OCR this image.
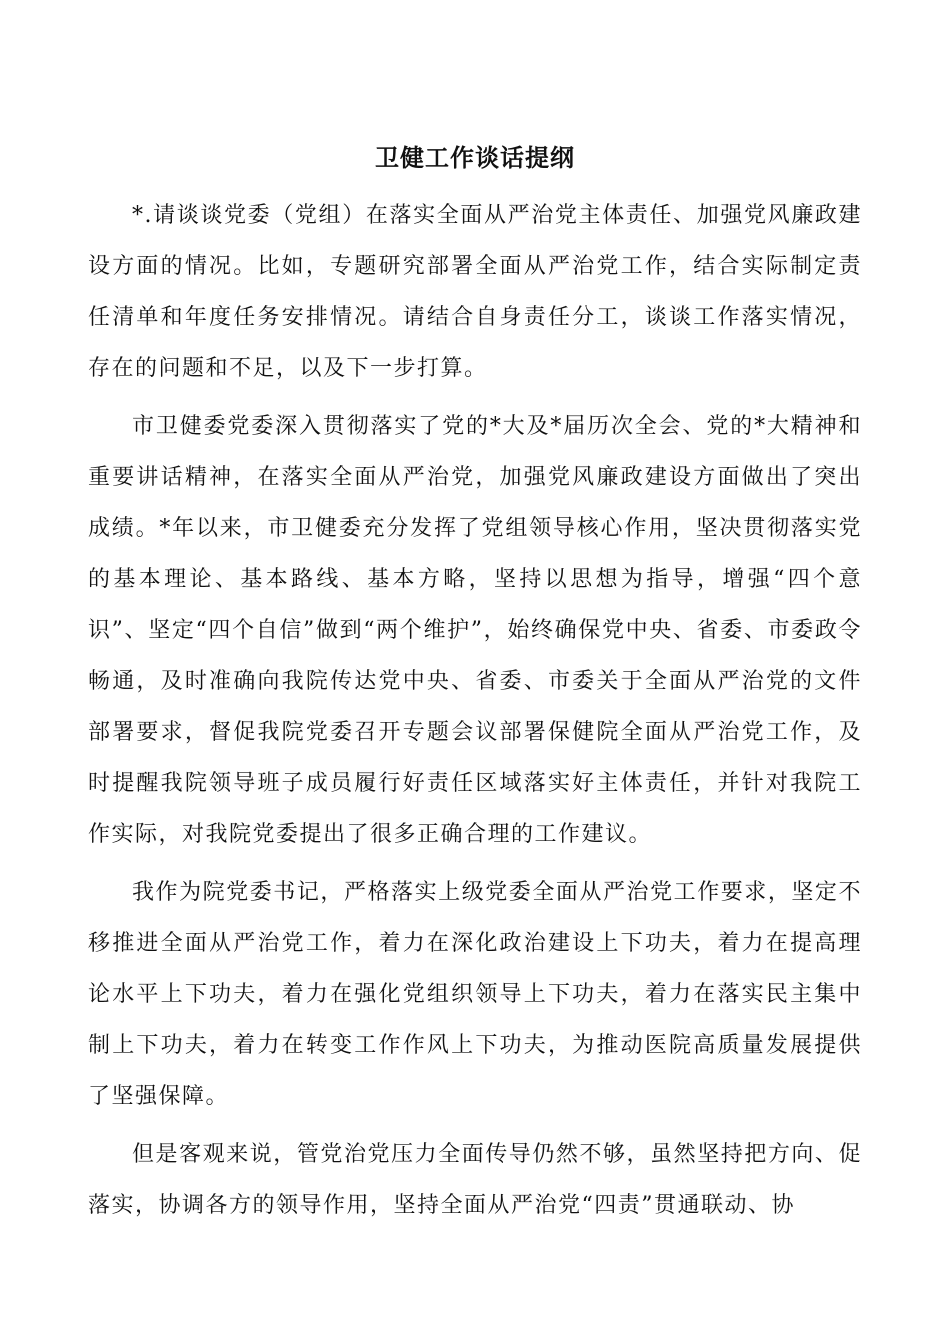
卫健工作谈话提纲

*.请谈谈党委（党组）在落实全面从严治党主体责任、加强党风廉政建设方面的情况。比如，专题研究部署全面从严治党工作，结合实际制定责任清单和年度任务安排情况。请结合自身责任分工，谈谈工作落实情况，存在的问题和不足，以及下一步打算。

市卫健委党委深入贯彻落实了党的*大及*届历次全会、党的*大精神和重要讲话精神，在落实全面从严治党，加强党风廉政建设方面做出了突出成绩。*年以来，市卫健委充分发挥了党组领导核心作用，坚决贯彻落实党的基本理论、基本路线、基本方略，坚持以思想为指导，增强“四个意识”、坚定“四个自信”做到“两个维护”，始终确保党中央、省委、市委政令畅通，及时准确向我院传达党中央、省委、市委关于全面从严治党的文件部署要求，督促我院党委召开专题会议部署保健院全面从严治党工作，及时提醒我院领导班子成员履行好责任区域落实好主体责任，并针对我院工作实际，对我院党委提出了很多正确合理的工作建议。

我作为院党委书记，严格落实上级党委全面从严治党工作要求，坚定不移推进全面从严治党工作，着力在深化政治建设上下功夫，着力在提高理论水平上下功夫，着力在强化党组织领导上下功夫，着力在落实民主集中制上下功夫，着力在转变工作作风上下功夫，为推动医院高质量发展提供了坚强保障。

但是客观来说，管党治党压力全面传导仍然不够，虽然坚持把方向、促落实，协调各方的领导作用，坚持全面从严治党“四责”贯通联动、协
